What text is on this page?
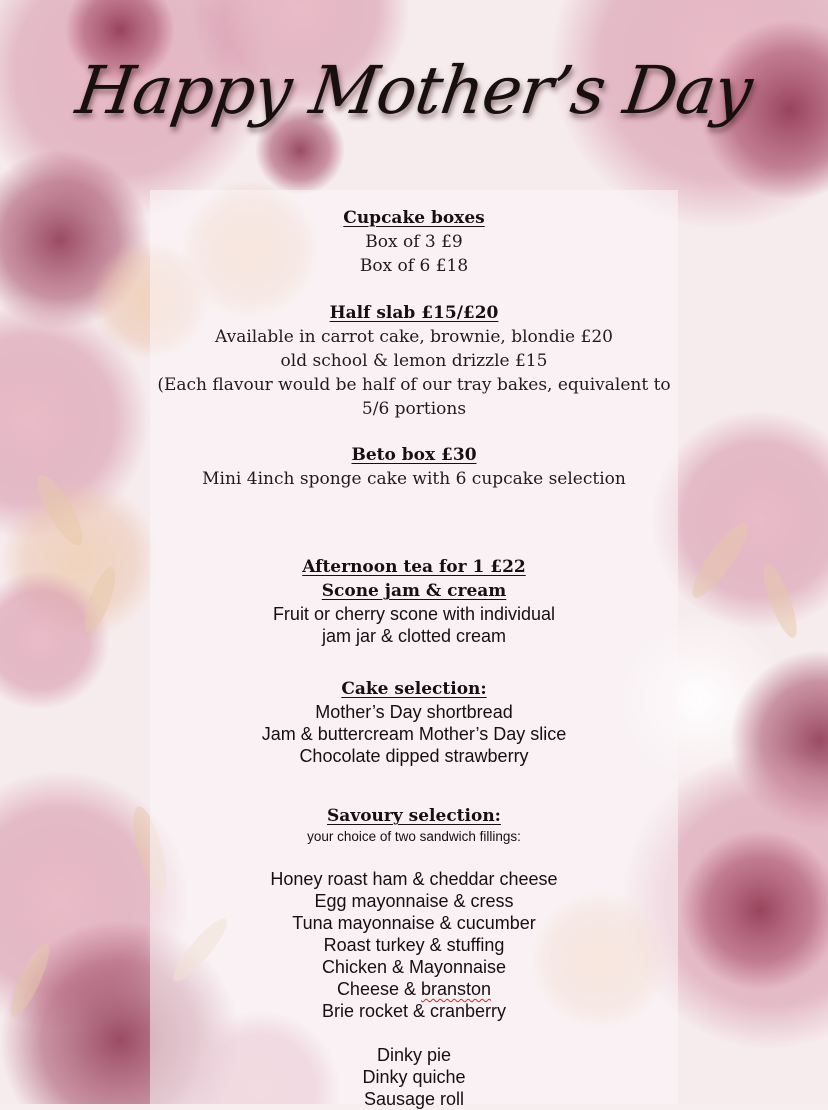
Happy Mother’s Day
Cupcake boxes
Box of 3 £9
Box of 6 £18
Half slab £15/£20
Available in carrot cake, brownie, blondie £20
old school & lemon drizzle £15
(Each flavour would be half of our tray bakes, equivalent to
5/6 portions
Beto box £30
Mini 4inch sponge cake with 6 cupcake selection
Afternoon tea for 1 £22
Scone jam & cream
Fruit or cherry scone with individual
jam jar & clotted cream
Cake selection:
Mother’s Day shortbread
Jam & buttercream Mother’s Day slice
Chocolate dipped strawberry
Savoury selection:
your choice of two sandwich fillings:
Honey roast ham & cheddar cheese
Egg mayonnaise & cress
Tuna mayonnaise & cucumber
Roast turkey & stuffing
Chicken & Mayonnaise
Cheese & branston
Brie rocket & cranberry
Dinky pie
Dinky quiche
Sausage roll
